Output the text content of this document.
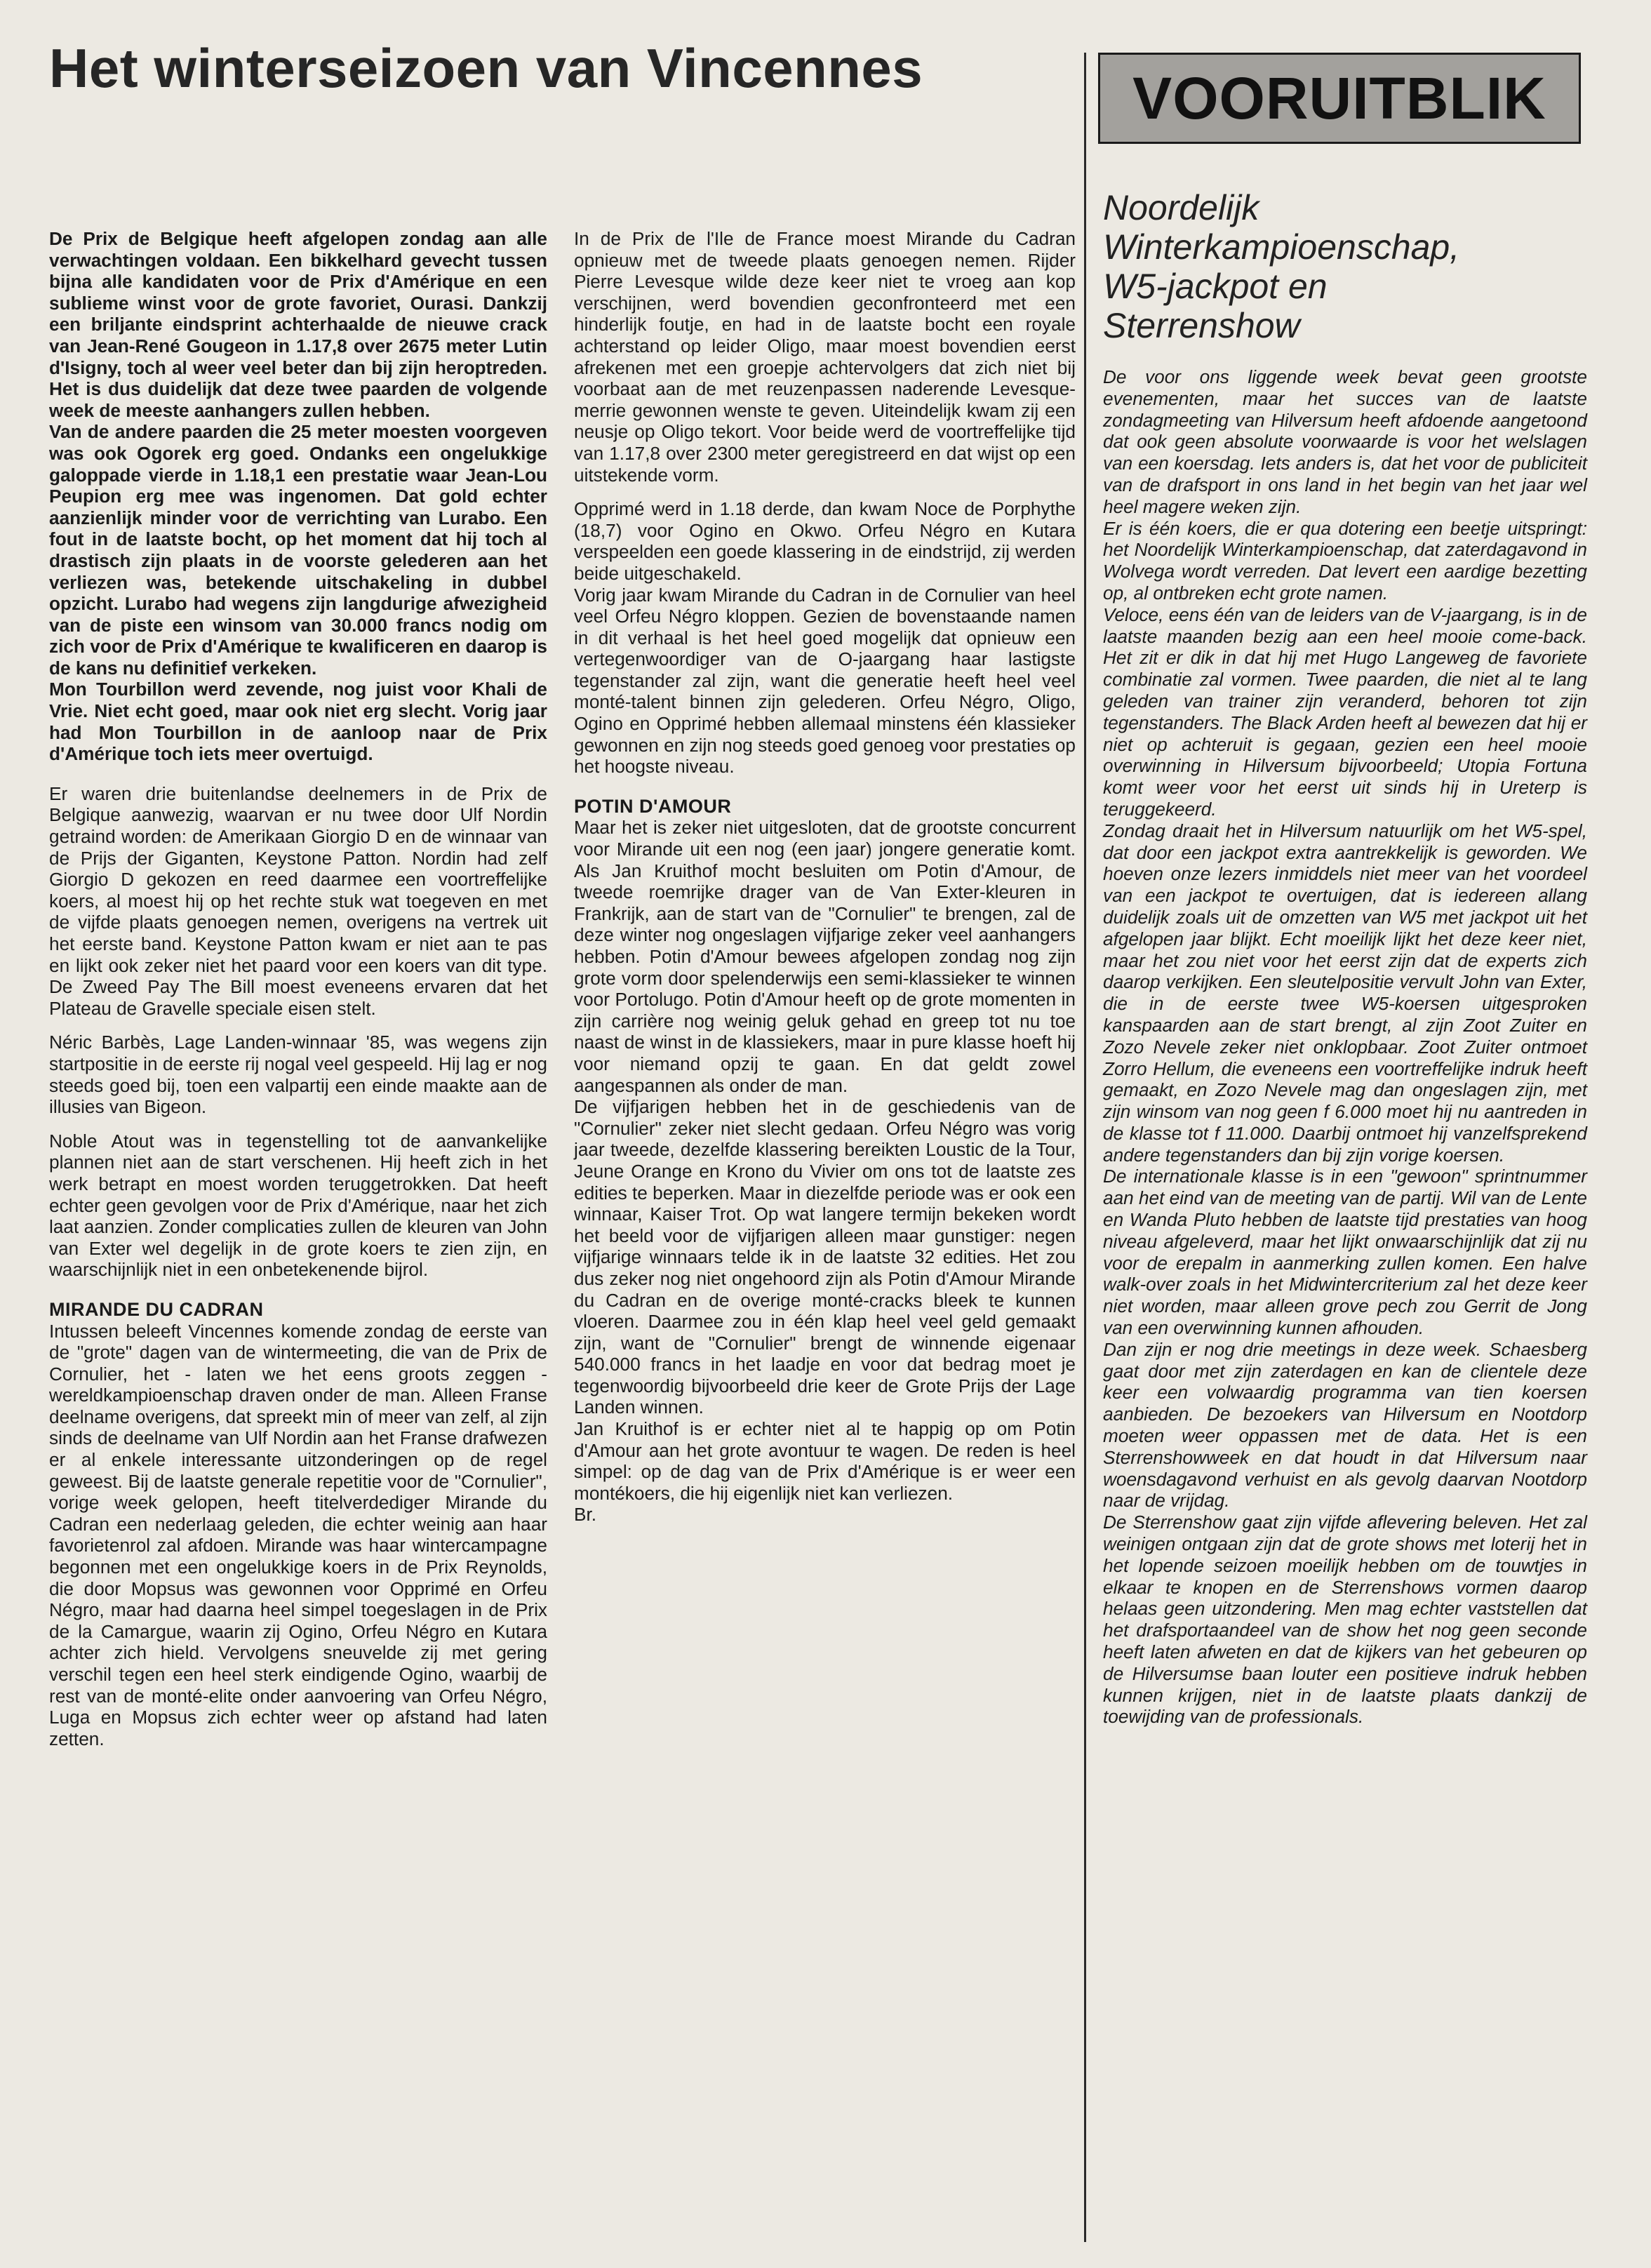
Het winterseizoen van Vincennes

De Prix de Belgique heeft afgelopen zondag aan alle verwachtingen voldaan. Een bikkelhard gevecht tussen bijna alle kandidaten voor de Prix d'Amérique en een sublieme winst voor de grote favoriet, Ourasi. Dankzij een briljante eindsprint achterhaalde de nieuwe crack van Jean-René Gougeon in 1.17,8 over 2675 meter Lutin d'Isigny, toch al weer veel beter dan bij zijn heroptreden. Het is dus duidelijk dat deze twee paarden de volgende week de meeste aanhangers zullen hebben.

Van de andere paarden die 25 meter moesten voorgeven was ook Ogorek erg goed. Ondanks een ongelukkige galoppade vierde in 1.18,1 een prestatie waar Jean-Lou Peupion erg mee was ingenomen. Dat gold echter aanzienlijk minder voor de verrichting van Lurabo. Een fout in de laatste bocht, op het moment dat hij toch al drastisch zijn plaats in de voorste gelederen aan het verliezen was, betekende uitschakeling in dubbel opzicht. Lurabo had wegens zijn langdurige afwezigheid van de piste een winsom van 30.000 francs nodig om zich voor de Prix d'Amérique te kwalificeren en daarop is de kans nu definitief verkeken.

Mon Tourbillon werd zevende, nog juist voor Khali de Vrie. Niet echt goed, maar ook niet erg slecht. Vorig jaar had Mon Tourbillon in de aanloop naar de Prix d'Amérique toch iets meer overtuigd.

Er waren drie buitenlandse deelnemers in de Prix de Belgique aanwezig, waarvan er nu twee door Ulf Nordin getraind worden: de Amerikaan Giorgio D en de winnaar van de Prijs der Giganten, Keystone Patton. Nordin had zelf Giorgio D gekozen en reed daarmee een voortreffelijke koers, al moest hij op het rechte stuk wat toegeven en met de vijfde plaats genoegen nemen, overigens na vertrek uit het eerste band. Keystone Patton kwam er niet aan te pas en lijkt ook zeker niet het paard voor een koers van dit type. De Zweed Pay The Bill moest eveneens ervaren dat het Plateau de Gravelle speciale eisen stelt.

Néric Barbès, Lage Landen-winnaar '85, was wegens zijn startpositie in de eerste rij nogal veel gespeeld. Hij lag er nog steeds goed bij, toen een valpartij een einde maakte aan de illusies van Bigeon.

Noble Atout was in tegenstelling tot de aanvankelijke plannen niet aan de start verschenen. Hij heeft zich in het werk betrapt en moest worden teruggetrokken. Dat heeft echter geen gevolgen voor de Prix d'Amérique, naar het zich laat aanzien. Zonder complicaties zullen de kleuren van John van Exter wel degelijk in de grote koers te zien zijn, en waarschijnlijk niet in een onbetekenende bijrol.

MIRANDE DU CADRAN

Intussen beleeft Vincennes komende zondag de eerste van de "grote" dagen van de wintermeeting, die van de Prix de Cornulier, het - laten we het eens groots zeggen - wereldkampioenschap draven onder de man. Alleen Franse deelname overigens, dat spreekt min of meer van zelf, al zijn sinds de deelname van Ulf Nordin aan het Franse drafwezen er al enkele interessante uitzonderingen op de regel geweest. Bij de laatste generale repetitie voor de "Cornulier", vorige week gelopen, heeft titelverdediger Mirande du Cadran een nederlaag geleden, die echter weinig aan haar favorietenrol zal afdoen. Mirande was haar wintercampagne begonnen met een ongelukkige koers in de Prix Reynolds, die door Mopsus was gewonnen voor Opprimé en Orfeu Négro, maar had daarna heel simpel toegeslagen in de Prix de la Camargue, waarin zij Ogino, Orfeu Négro en Kutara achter zich hield. Vervolgens sneuvelde zij met gering verschil tegen een heel sterk eindigende Ogino, waarbij de rest van de monté-elite onder aanvoering van Orfeu Négro, Luga en Mopsus zich echter weer op afstand had laten zetten.

In de Prix de l'Ile de France moest Mirande du Cadran opnieuw met de tweede plaats genoegen nemen. Rijder Pierre Levesque wilde deze keer niet te vroeg aan kop verschijnen, werd bovendien geconfronteerd met een hinderlijk foutje, en had in de laatste bocht een royale achterstand op leider Oligo, maar moest bovendien eerst afrekenen met een groepje achtervolgers dat zich niet bij voorbaat aan de met reuzenpassen naderende Levesque-merrie gewonnen wenste te geven. Uiteindelijk kwam zij een neusje op Oligo tekort. Voor beide werd de voortreffelijke tijd van 1.17,8 over 2300 meter geregistreerd en dat wijst op een uitstekende vorm.

Opprimé werd in 1.18 derde, dan kwam Noce de Porphythe (18,7) voor Ogino en Okwo. Orfeu Négro en Kutara verspeelden een goede klassering in de eindstrijd, zij werden beide uitgeschakeld.

Vorig jaar kwam Mirande du Cadran in de Cornulier van heel veel Orfeu Négro kloppen. Gezien de bovenstaande namen in dit verhaal is het heel goed mogelijk dat opnieuw een vertegenwoordiger van de O-jaargang haar lastigste tegenstander zal zijn, want die generatie heeft heel veel monté-talent binnen zijn gelederen. Orfeu Négro, Oligo, Ogino en Opprimé hebben allemaal minstens één klassieker gewonnen en zijn nog steeds goed genoeg voor prestaties op het hoogste niveau.

POTIN D'AMOUR

Maar het is zeker niet uitgesloten, dat de grootste concurrent voor Mirande uit een nog (een jaar) jongere generatie komt. Als Jan Kruithof mocht besluiten om Potin d'Amour, de tweede roemrijke drager van de Van Exter-kleuren in Frankrijk, aan de start van de "Cornulier" te brengen, zal de deze winter nog ongeslagen vijfjarige zeker veel aanhangers hebben. Potin d'Amour bewees afgelopen zondag nog zijn grote vorm door spelenderwijs een semi-klassieker te winnen voor Portolugo. Potin d'Amour heeft op de grote momenten in zijn carrière nog weinig geluk gehad en greep tot nu toe naast de winst in de klassiekers, maar in pure klasse hoeft hij voor niemand opzij te gaan. En dat geldt zowel aangespannen als onder de man.

De vijfjarigen hebben het in de geschiedenis van de "Cornulier" zeker niet slecht gedaan. Orfeu Négro was vorig jaar tweede, dezelfde klassering bereikten Loustic de la Tour, Jeune Orange en Krono du Vivier om ons tot de laatste zes edities te beperken. Maar in diezelfde periode was er ook een winnaar, Kaiser Trot. Op wat langere termijn bekeken wordt het beeld voor de vijfjarigen alleen maar gunstiger: negen vijfjarige winnaars telde ik in de laatste 32 edities. Het zou dus zeker nog niet ongehoord zijn als Potin d'Amour Mirande du Cadran en de overige monté-cracks bleek te kunnen vloeren. Daarmee zou in één klap heel veel geld gemaakt zijn, want de "Cornulier" brengt de winnende eigenaar 540.000 francs in het laadje en voor dat bedrag moet je tegenwoordig bijvoorbeeld drie keer de Grote Prijs der Lage Landen winnen.

Jan Kruithof is er echter niet al te happig op om Potin d'Amour aan het grote avontuur te wagen. De reden is heel simpel: op de dag van de Prix d'Amérique is er weer een montékoers, die hij eigenlijk niet kan verliezen.

Br.

VOORUITBLIK
Noordelijk
Winterkampioenschap,
W5-jackpot en
Sterrenshow

De voor ons liggende week bevat geen grootste evenementen, maar het succes van de laatste zondagmeeting van Hilversum heeft afdoende aangetoond dat ook geen absolute voorwaarde is voor het welslagen van een koersdag. Iets anders is, dat het voor de publiciteit van de drafsport in ons land in het begin van het jaar wel heel magere weken zijn.

Er is één koers, die er qua dotering een beetje uitspringt: het Noordelijk Winterkampioenschap, dat zaterdagavond in Wolvega wordt verreden. Dat levert een aardige bezetting op, al ontbreken echt grote namen.

Veloce, eens één van de leiders van de V-jaargang, is in de laatste maanden bezig aan een heel mooie come-back. Het zit er dik in dat hij met Hugo Langeweg de favoriete combinatie zal vormen. Twee paarden, die niet al te lang geleden van trainer zijn veranderd, behoren tot zijn tegenstanders. The Black Arden heeft al bewezen dat hij er niet op achteruit is gegaan, gezien een heel mooie overwinning in Hilversum bijvoorbeeld; Utopia Fortuna komt weer voor het eerst uit sinds hij in Ureterp is teruggekeerd.

Zondag draait het in Hilversum natuurlijk om het W5-spel, dat door een jackpot extra aantrekkelijk is geworden. We hoeven onze lezers inmiddels niet meer van het voordeel van een jackpot te overtuigen, dat is iedereen allang duidelijk zoals uit de omzetten van W5 met jackpot uit het afgelopen jaar blijkt. Echt moeilijk lijkt het deze keer niet, maar het zou niet voor het eerst zijn dat de experts zich daarop verkijken. Een sleutelpositie vervult John van Exter, die in de eerste twee W5-koersen uitgesproken kanspaarden aan de start brengt, al zijn Zoot Zuiter en Zozo Nevele zeker niet onklopbaar. Zoot Zuiter ontmoet Zorro Hellum, die eveneens een voortreffelijke indruk heeft gemaakt, en Zozo Nevele mag dan ongeslagen zijn, met zijn winsom van nog geen f 6.000 moet hij nu aantreden in de klasse tot f 11.000. Daarbij ontmoet hij vanzelfsprekend andere tegenstanders dan bij zijn vorige koersen.

De internationale klasse is in een "gewoon" sprintnummer aan het eind van de meeting van de partij. Wil van de Lente en Wanda Pluto hebben de laatste tijd prestaties van hoog niveau afgeleverd, maar het lijkt onwaarschijnlijk dat zij nu voor de erepalm in aanmerking zullen komen. Een halve walk-over zoals in het Midwintercriterium zal het deze keer niet worden, maar alleen grove pech zou Gerrit de Jong van een overwinning kunnen afhouden.

Dan zijn er nog drie meetings in deze week. Schaesberg gaat door met zijn zaterdagen en kan de clientele deze keer een volwaardig programma van tien koersen aanbieden. De bezoekers van Hilversum en Nootdorp moeten weer oppassen met de data. Het is een Sterrenshowweek en dat houdt in dat Hilversum naar woensdagavond verhuist en als gevolg daarvan Nootdorp naar de vrijdag.

De Sterrenshow gaat zijn vijfde aflevering beleven. Het zal weinigen ontgaan zijn dat de grote shows met loterij het in het lopende seizoen moeilijk hebben om de touwtjes in elkaar te knopen en de Sterrenshows vormen daarop helaas geen uitzondering. Men mag echter vaststellen dat het drafsportaandeel van de show het nog geen seconde heeft laten afweten en dat de kijkers van het gebeuren op de Hilversumse baan louter een positieve indruk hebben kunnen krijgen, niet in de laatste plaats dankzij de toewijding van de professionals.
